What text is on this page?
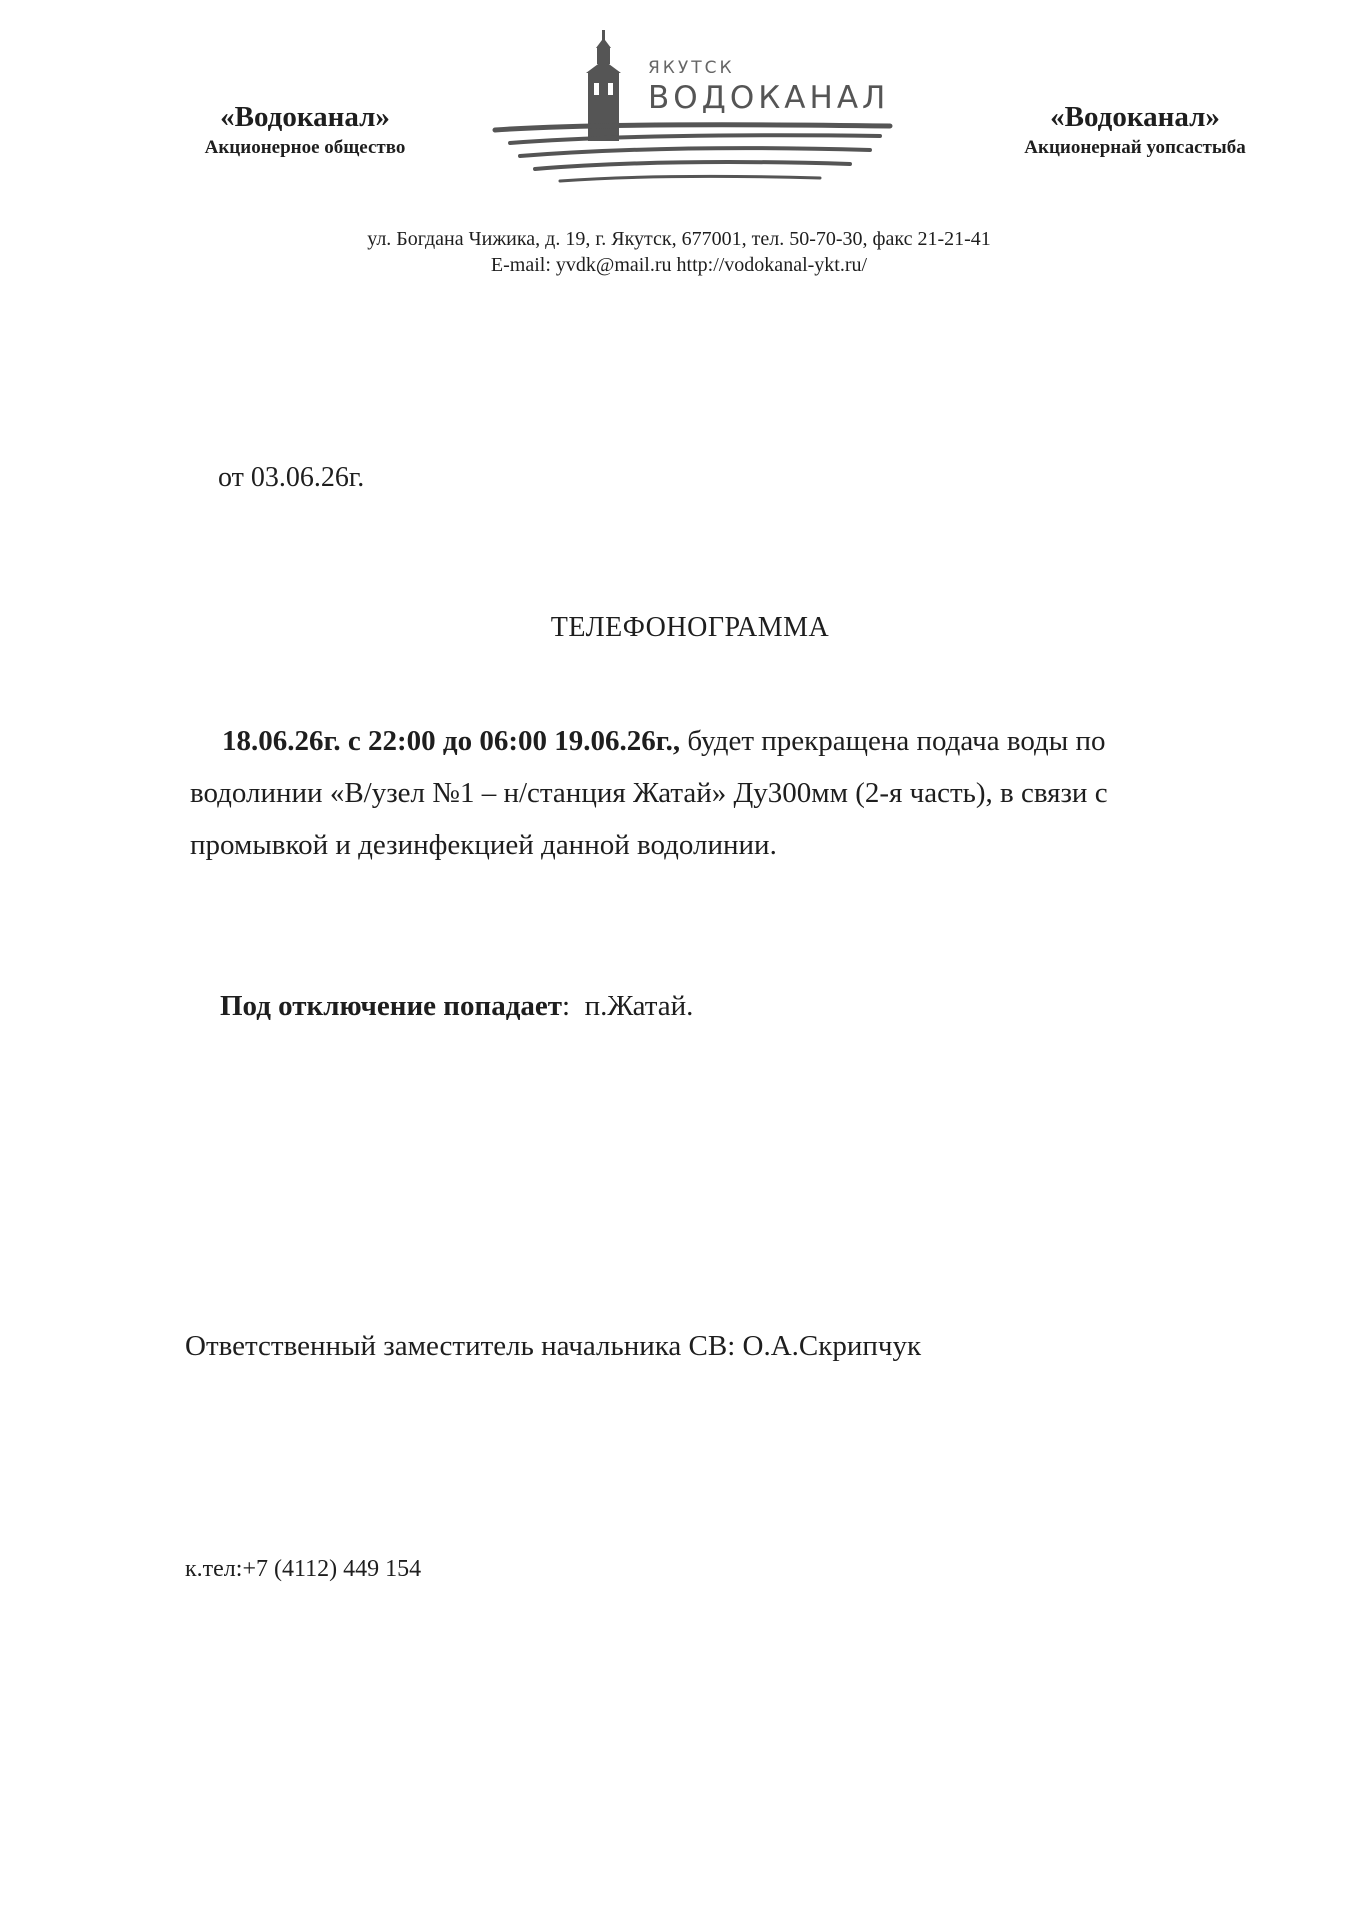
«Водоканал»
Акционерное общество
ЯКУТСК
ВОДОКАНАЛ
«Водоканал»
Акционернай уопсастыба
ул. Богдана Чижика, д. 19, г. Якутск, 677001, тел. 50-70-30, факс 21-21-41
E-mail: yvdk@mail.ru http://vodokanal-ykt.ru/
от 03.06.26г.
ТЕЛЕФОНОГРАММА
18.06.26г. с 22:00 до 06:00 19.06.26г., будет прекращена подача воды по водолинии «В/узел №1 – н/станция Жатай» Ду300мм (2-я часть), в связи с промывкой и дезинфекцией данной водолинии.
Под отключение попадает: п.Жатай.
Ответственный заместитель начальника СВ: О.А.Скрипчук
к.тел:+7 (4112) 449 154
